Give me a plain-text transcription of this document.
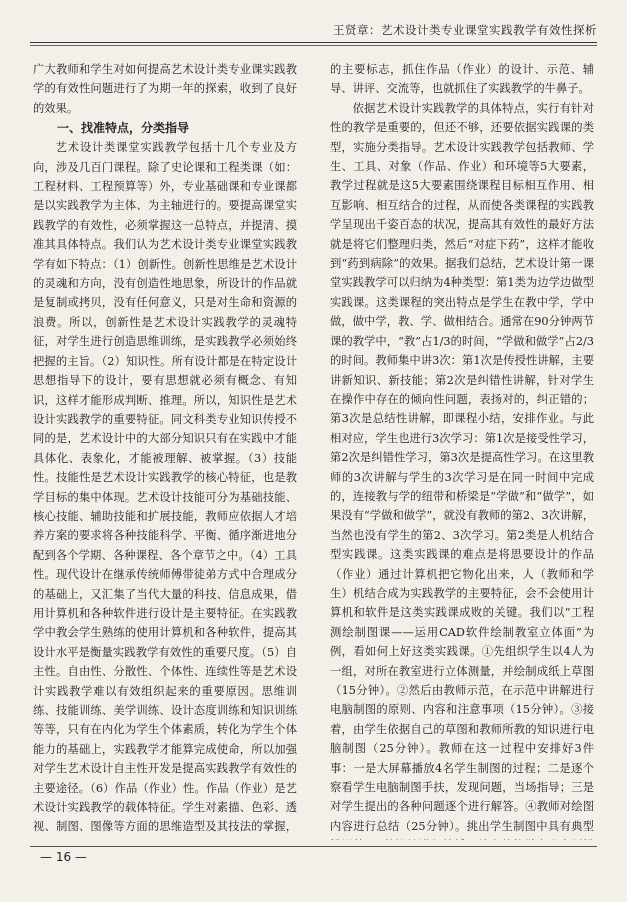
王贤章：艺术设计类专业课堂实践教学有效性探析

广大教师和学生对如何提高艺术设计类专业课实践教学的有效性问题进行了为期一年的探索，收到了良好的效果。

一、找准特点，分类指导

艺术设计类课堂实践教学包括十几个专业及方向，涉及几百门课程。除了史论课和工程类课（如：工程材料、工程预算等）外，专业基础课和专业课都是以实践教学为主体、为主轴进行的。要提高课堂实践教学的有效性，必须掌握这一总特点，并提清、摸准其具体特点。我们认为艺术设计类专业课堂实践教学有如下特点：（1）创新性。创新性思维是艺术设计的灵魂和方向，没有创造性地思象，所设计的作品就是复制或拷贝，没有任何意义，只是对生命和资源的浪费。所以，创新性是艺术设计实践教学的灵魂特征，对学生进行创造思维训练，是实践教学必须始终把握的主旨。（2）知识性。所有设计都是在特定设计思想指导下的设计，要有思想就必须有概念、有知识，这样才能形成判断、推理。所以，知识性是艺术设计实践教学的重要特征。同文科类专业知识传授不同的是，艺术设计中的大部分知识只有在实践中才能具体化、表象化，才能被理解、被掌握。（3）技能性。技能性是艺术设计实践教学的核心特征，也是教学目标的集中体现。艺术设计技能可分为基础技能、核心技能、辅助技能和扩展技能，教师应依据人才培养方案的要求将各种技能科学、平衡、循序渐进地分配到各个学期、各种课程、各个章节之中。（4）工具性。现代设计在继承传统师傅带徒弟方式中合理成分的基础上，又汇集了当代大量的科技、信息成果，借用计算机和各种软件进行设计是主要特征。在实践教学中教会学生熟练的使用计算机和各种软件，提高其设计水平是衡量实践教学有效性的重要尺度。（5）自主性。自由性、分散性、个体性、连续性等是艺术设计实践教学难以有效组织起来的重要原因。思维训练、技能训练、美学训练、设计态度训练和知识训练等等，只有在内化为学生个体素质，转化为学生个体能力的基础上，实践教学才能算完成使命，所以加强对学生艺术设计自主性开发是提高实践教学有效性的主要途径。（6）作品（作业）性。作品（作业）是艺术设计实践教学的载体特征。学生对素描、色彩、透视、制图、图像等方面的思维造型及其技法的掌握，

的主要标志，抓住作品（作业）的设计、示范、辅导、讲评、交流等，也就抓住了实践教学的牛鼻子。

依据艺术设计实践教学的具体特点，实行有针对性的教学是重要的，但还不够，还要依据实践课的类型，实施分类指导。艺术设计实践教学包括教师、学生、工具、对象（作品、作业）和环境等5大要素，教学过程就是这5大要素围绕课程目标相互作用、相互影响、相互结合的过程，从而使各类课程的实践教学呈现出千姿百态的状况，提高其有效性的最好方法就是将它们整理归类，然后“对症下药”，这样才能收到“药到病除”的效果。据我们总结，艺术设计第一课堂实践教学可以归纳为4种类型：第1类为边学边做型实践课。这类课程的突出特点是学生在教中学，学中做，做中学，教、学、做相结合。通常在90分钟两节课的教学中，“教”占1/3的时间，“学做和做学”占2/3的时间。教师集中讲3次：第1次是传授性讲解，主要讲新知识、新技能；第2次是纠错性讲解，针对学生在操作中存在的倾向性问题，表扬对的，纠正错的；第3次是总结性讲解，即课程小结，安排作业。与此相对应，学生也进行3次学习：第1次是接受性学习，第2次是纠错性学习，第3次是提高性学习。在这里教师的3次讲解与学生的3次学习是在同一时间中完成的，连接教与学的纽带和桥梁是“学做”和“做学”，如果没有“学做和做学”，就没有教师的第2、3次讲解，当然也没有学生的第2、3次学习。第2类是人机结合型实践课。这类实践课的难点是将思要设计的作品（作业）通过计算机把它物化出来，人（教师和学生）机结合成为实践教学的主要特征，会不会使用计算机和软件是这类实践课成败的关键。我们以“工程测绘制图课——运用CAD软件绘制教室立体面”为例，看如何上好这类实践课。①先组织学生以4人为一组，对所在教室进行立体测量，并绘制成纸上草图（15分钟）。②然后由教师示范，在示范中讲解进行电脑制图的原则、内容和注意事项（15分钟）。③接着，由学生依据自己的草图和教师所教的知识进行电脑制图（25分钟）。教师在这一过程中安排好3件事：一是大屏幕播放4名学生制图的过程；二是逐个察看学生电脑制图手扶，发现问题，当场指导；三是对学生提出的各种问题逐个进行解答。④教师对绘图内容进行总结（25分钟）。挑出学生制图中具有典型

— 16 —
